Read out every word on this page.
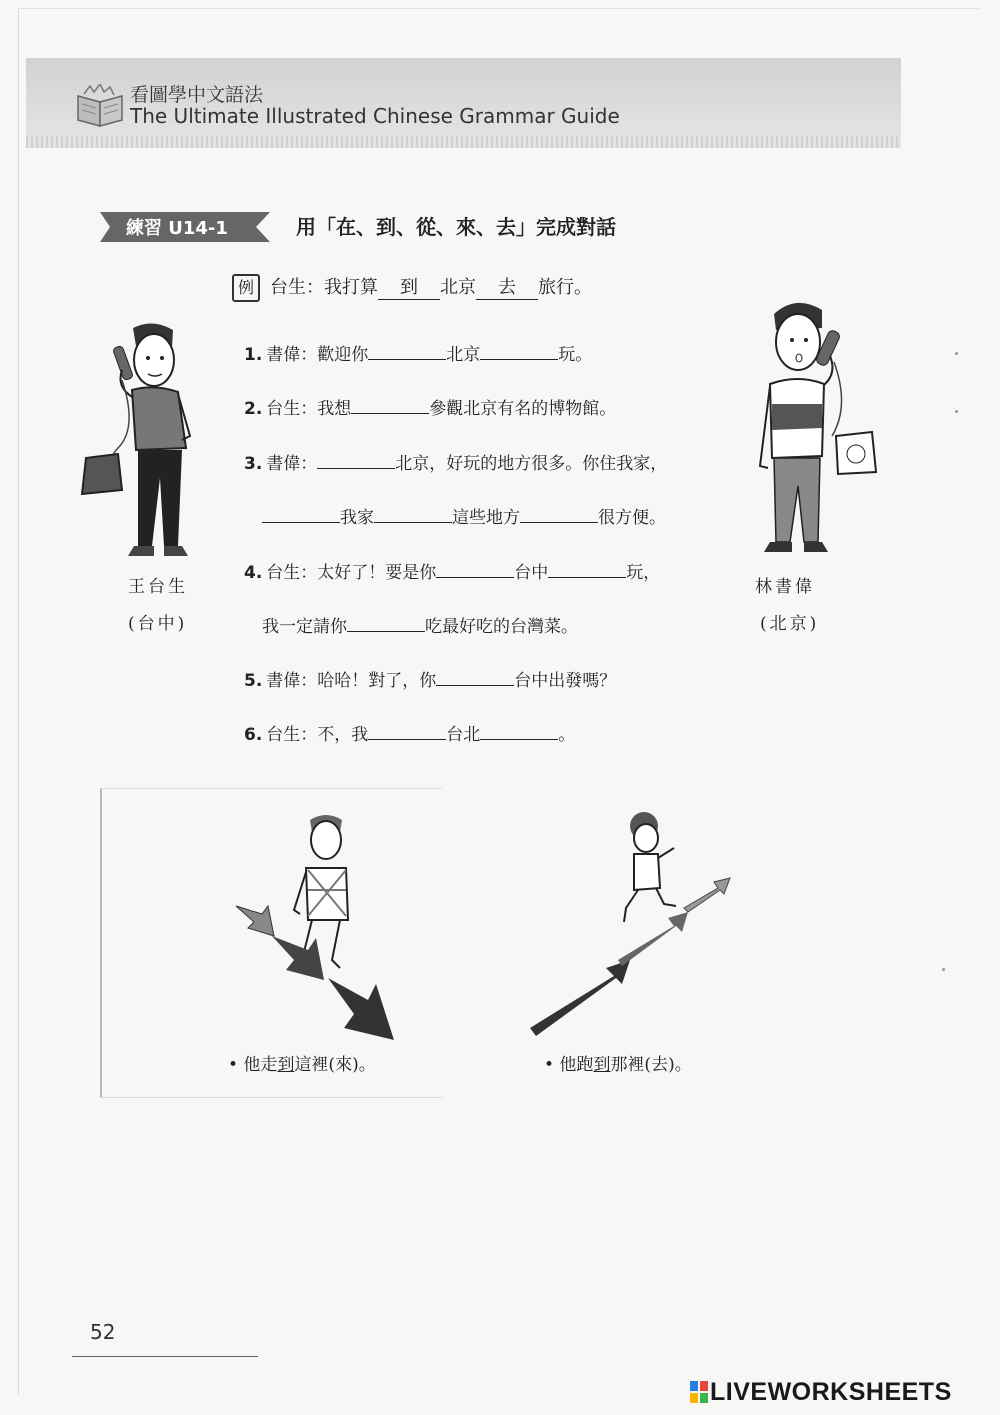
看圖學中文語法
The Ultimate Illustrated Chinese Grammar Guide
練習 U14-1	用「在、到、從、來、去」完成對話
例 台生：我打算 到 北京 去 旅行。
1. 書偉：歡迎你	北京	玩。
2. 台生：我想	參觀北京有名的博物館。
3. 書偉：	北京，好玩的地方很多。你住我家，
我家	這些地方	很方便。
4. 台生：太好了！要是你	台中	玩，
我一定請你	吃最好吃的台灣菜。
5. 書偉：哈哈！對了，你	台中出發嗎？
6. 台生：不，我	台北	。
王台生
(台中)
林書偉
(北京)
• 他走到這裡(來)。	• 他跑到那裡(去)。
52
LIVEWORKSHEETS
